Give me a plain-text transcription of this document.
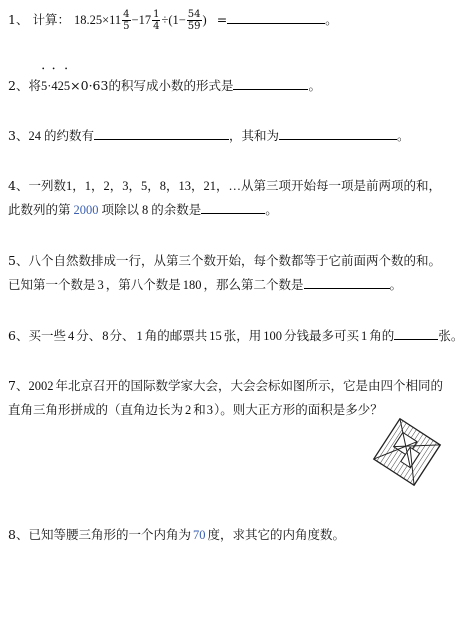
1、 计算： $18.25\times 11 \frac{4}{5} -17 \frac{1}{4} \div(1- \frac{54}{59}$ ) =	。
2、将• 5·• 42• 5×0·63的积写成小数的形式是	。
3、24 的约数有	，其和为	。
4、一列数1，1，2，3，5，8，13，21，…从第三项开始每一项是前两项的和，
此数列的第 2000 项除以 8 的余数是	。
5、八个自然数排成一行，从第三个数开始，每个数都等于它前面两个数的和。
已知第一个数是 3 ，第八个数是 180 ，那么第二个数是	。
6、买一些 4 分、8分、 1 角的邮票共 15 张，用 100 分钱最多可买 1 角的	张。
7、2002 年北京召开的国际数学家大会，大会会标如图所示，它是由四个相同的
直角三角形拼成的（直角边长为 2 和3）。则大正方形的面积是多少？
8、已知等腰三角形的一个内角为 70 度，求其它的内角度数。
